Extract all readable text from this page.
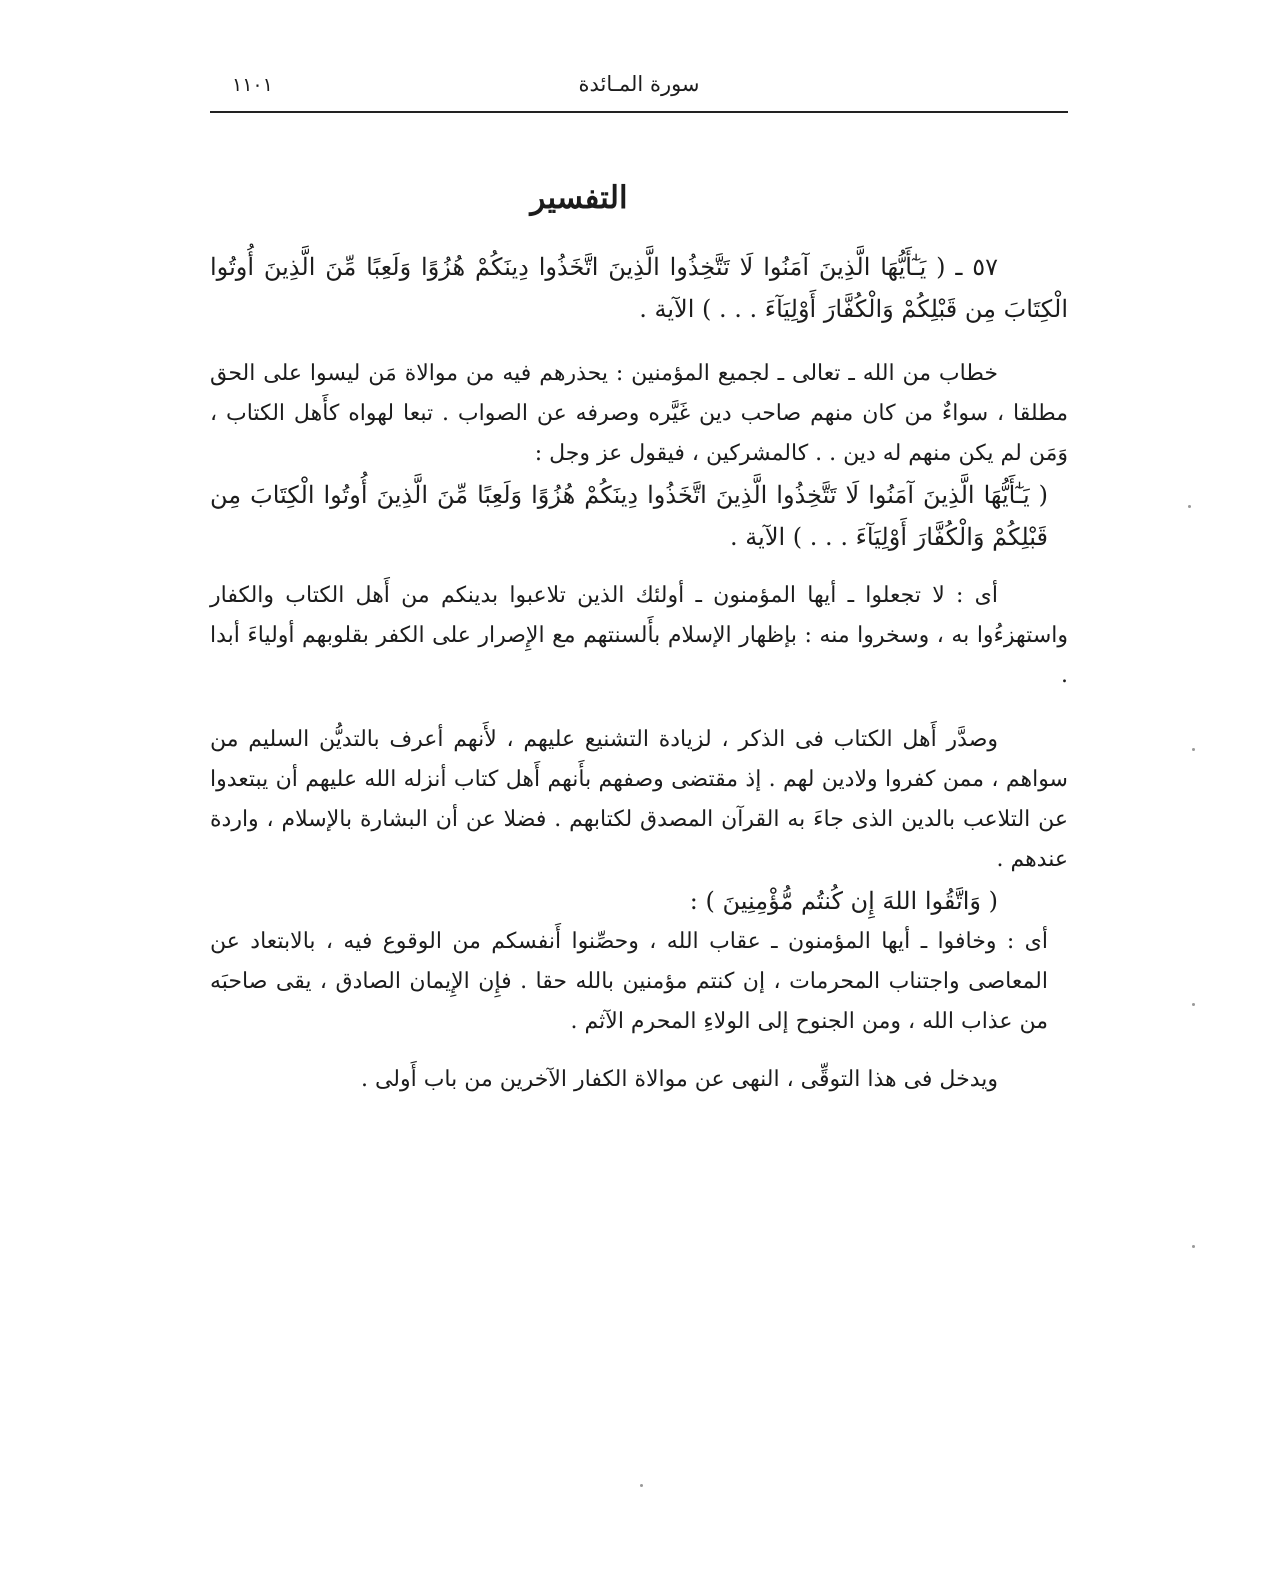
١١٠١	سورة المـائدة
التفسير

٥٧ ـ ( يَـٰٓأَيُّهَا الَّذِينَ آمَنُوا لَا تَتَّخِذُوا الَّذِينَ اتَّخَذُوا دِينَكُمْ هُزُوًا وَلَعِبًا مِّنَ الَّذِينَ أُوتُوا الْكِتَابَ مِن قَبْلِكُمْ وَالْكُفَّارَ أَوْلِيَآءَ . . . ) الآية .

خطاب من الله ـ تعالى ـ لجميع المؤمنين : يحذرهم فيه من موالاة مَن ليسوا على الحق مطلقا ، سواءٌ من كان منهم صاحب دين غَيَّره وصرفه عن الصواب . تبعا لهواه كأَهل الكتاب ، وَمَن لم يكن منهم له دين . . كالمشركين ، فيقول عز وجل :

( يَـٰٓأَيُّهَا الَّذِينَ آمَنُوا لَا تَتَّخِذُوا الَّذِينَ اتَّخَذُوا دِينَكُمْ هُزُوًا وَلَعِبًا مِّنَ الَّذِينَ أُوتُوا الْكِتَابَ مِن قَبْلِكُمْ وَالْكُفَّارَ أَوْلِيَآءَ . . . ) الآية .

أى : لا تجعلوا ـ أيها المؤمنون ـ أولئك الذين تلاعبوا بدينكم من أَهل الكتاب والكفار واستهزءُوا به ، وسخروا منه : بإظهار الإسلام بأَلسنتهم مع الإِصرار على الكفر بقلوبهم أولياءَ أبدا .

وصدَّر أَهل الكتاب فى الذكر ، لزيادة التشنيع عليهم ، لأَنهم أعرف بالتديُّن السليم من سواهم ، ممن كفروا ولادين لهم . إذ مقتضى وصفهم بأَنهم أَهل كتاب أنزله الله عليهم أن يبتعدوا عن التلاعب بالدين الذى جاءَ به القرآن المصدق لكتابهم . فضلا عن أن البشارة بالإسلام ، واردة عندهم .

( وَاتَّقُوا اللهَ إِن كُنتُم مُّؤْمِنِينَ ) :

أى : وخافوا ـ أيها المؤمنون ـ عقاب الله ، وحصِّنوا أَنفسكم من الوقوع فيه ، بالابتعاد عن المعاصى واجتناب المحرمات ، إن كنتم مؤمنين بالله حقا . فإِن الإِيمان الصادق ، يقى صاحبَه من عذاب الله ، ومن الجنوح إلى الولاءِ المحرم الآثم .

ويدخل فى هذا التوقِّى ، النهى عن موالاة الكفار الآخرين من باب أَولى .
